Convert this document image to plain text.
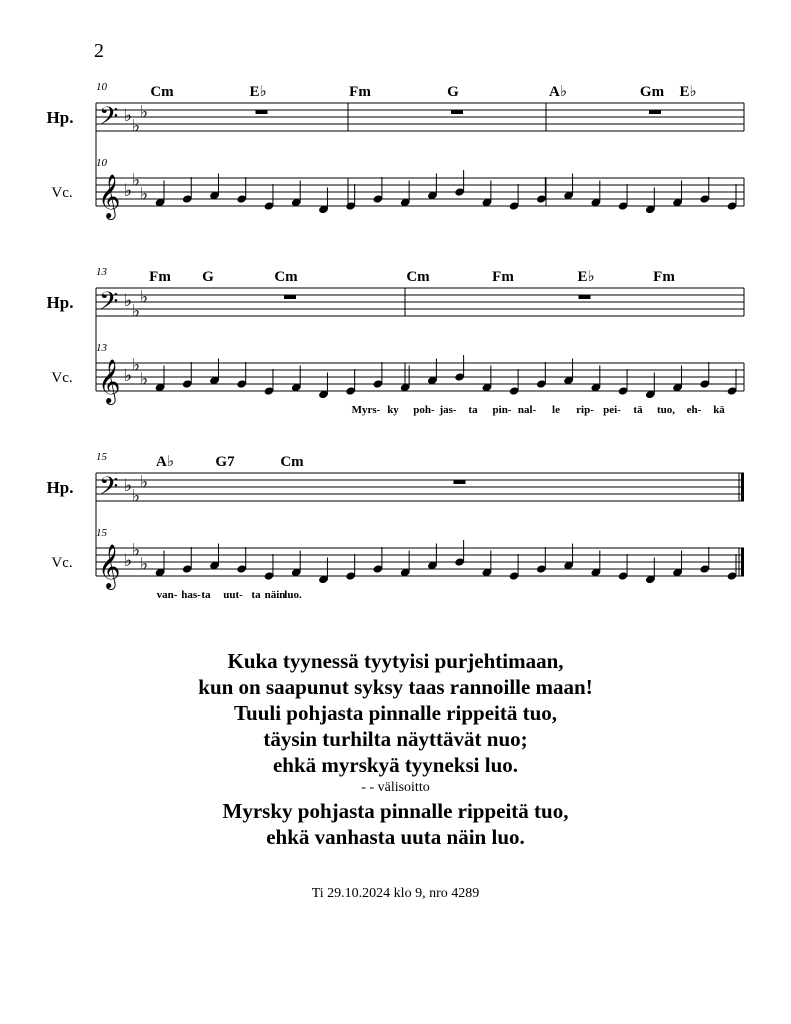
2
𝄢
𝄞
♭
♭
♭
♭
♭
♭
Hp.
Vc.
10
10
Cm	E♭	Fm	G	A♭	Gm E♭
𝄢
𝄞
♭
♭
♭
♭
♭
♭
Hp.
Vc.
13
13
Fm G	Cm	Cm	Fm	E♭	Fm
Myrs- ky poh- jas- ta pin- nal- le rip- pei- tä tuo, eh- kä
𝄢
𝄞
♭
♭
♭
♭
♭
♭
Hp.
Vc.
15
15
A♭	G7	Cm
van- has- ta uut- ta näin
luo.
Kuka tyynessä tyytyisi purjehtimaan,
kun on saapunut syksy taas rannoille maan!
Tuuli pohjasta pinnalle rippeitä tuo,
täysin turhilta näyttävät nuo;
ehkä myrskyä tyyneksi luo.
- - välisoitto
Myrsky pohjasta pinnalle rippeitä tuo,
ehkä vanhasta uuta näin luo.
Ti 29.10.2024 klo 9, nro 4289
